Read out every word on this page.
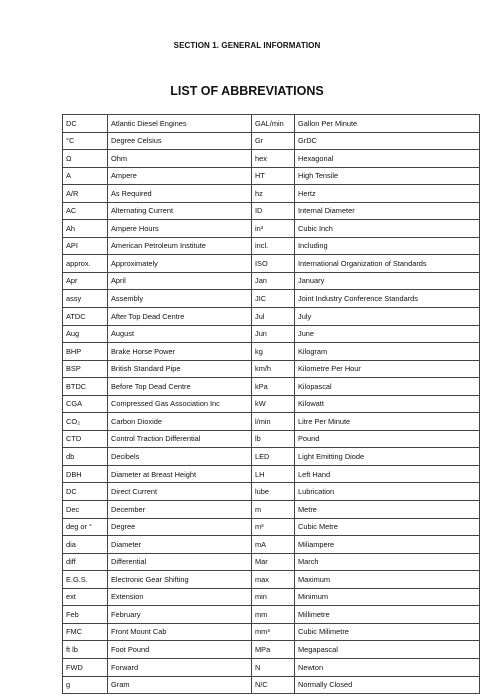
SECTION 1. GENERAL INFORMATION
LIST OF ABBREVIATIONS
DC	Atlantic Diesel Engines	GAL/min	Gallon Per Minute
°C	Degree Celsius	Gr	GrDC
Ω	Ohm	hex	Hexagonal
A	Ampere	HT	High Tensile
A/R	As Required	hz	Hertz
AC	Alternating Current	ID	Internal Diameter
Ah	Ampere Hours	in³	Cubic Inch
API	American Petroleum Institute	incl.	Including
approx.	Approximately	ISO	International Organization of Standards
Apr	April	Jan	January
assy	Assembly	JIC	Joint Industry Conference Standards
ATDC	After Top Dead Centre	Jul	July
Aug	August	Jun	June
BHP	Brake Horse Power	kg	Kilogram
BSP	British Standard Pipe	km/h	Kilometre Per Hour
BTDC	Before Top Dead Centre	kPa	Kilopascal
CGA	Compressed Gas Association Inc	kW	Kilowatt
CO₂	Carbon Dioxide	l/min	Litre Per Minute
CTD	Control Traction Differential	lb	Pound
db	Decibels	LED	Light Emitting Diode
DBH	Diameter at Breast Height	LH	Left Hand
DC	Direct Current	lube	Lubrication
Dec	December	m	Metre
deg or °	Degree	m³	Cubic Metre
dia	Diameter	mA	Miliampere
diff	Differential	Mar	March
E.G.S.	Electronic Gear Shifting	max	Maximum
ext	Extension	min	Minimum
Feb	February	mm	Millimetre
FMC	Front Mount Cab	mm³	Cubic Milimetre
ft lb	Foot Pound	MPa	Megapascal
FWD	Forward	N	Newton
g	Gram	N/C	Normally Closed
